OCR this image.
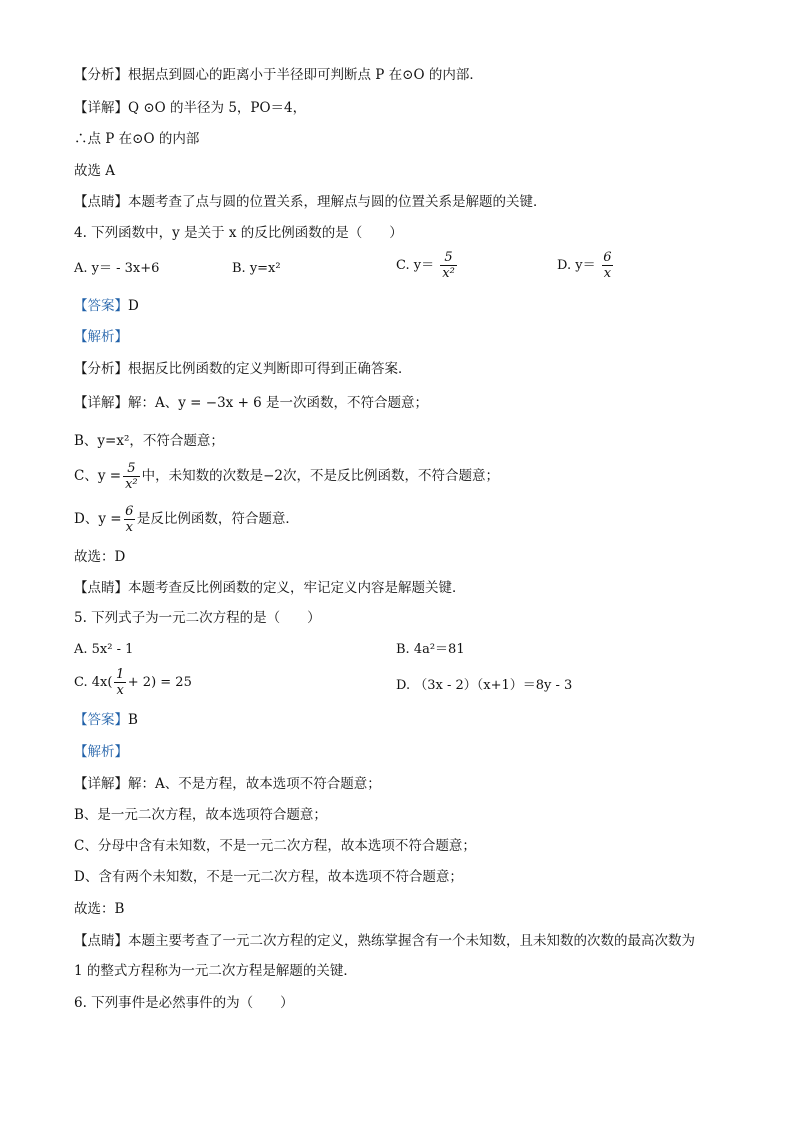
【分析】根据点到圆心的距离小于半径即可判断点 P 在⊙O 的内部．
【详解】Q ⊙O 的半径为 5，PO＝4，
∴点 P 在⊙O 的内部
故选 A
【点睛】本题考查了点与圆的位置关系，理解点与圆的位置关系是解题的关键．
4. 下列函数中，y 是关于 x 的反比例函数的是（　　）
A. y＝ - 3x+6	B. y=x²	C. $y= \frac{5}{\text{x²}}$	D. $y= \frac{6}{x}$
【答案】D
【解析】
【分析】根据反比例函数的定义判断即可得到正确答案．
【详解】解：A、y = −3x + 6 是一次函数，不符合题意；
B、y=x²，不符合题意；
C、$y = \frac{5}{\text{x²}}$ 中，未知数的次数是−2次，不是反比例函数，不符合题意；
D、$y = \frac{6}{x}$ 是反比例函数，符合题意．
故选：D
【点睛】本题考查反比例函数的定义，牢记定义内容是解题关键．
5. 下列式子为一元二次方程的是（　　）
A. 5x² - 1	B. 4a²＝81
C. $4x( \frac{1}{x} + 2) = 25$	D. （3x - 2）（x+1）＝8y - 3
【答案】B
【解析】
【详解】解：A、不是方程，故本选项不符合题意；
B、是一元二次方程，故本选项符合题意；
C、分母中含有未知数，不是一元二次方程，故本选项不符合题意；
D、含有两个未知数，不是一元二次方程，故本选项不符合题意；
故选：B
【点睛】本题主要考查了一元二次方程的定义，熟练掌握含有一个未知数，且未知数的次数的最高次数为
1 的整式方程称为一元二次方程是解题的关键．
6. 下列事件是必然事件的为（　　）
